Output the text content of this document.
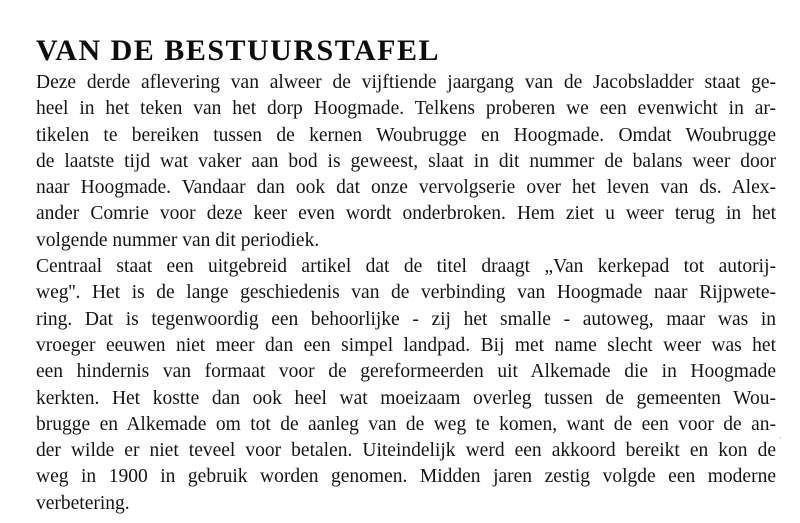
VAN DE BESTUURSTAFEL
Deze derde aflevering van alweer de vijftiende jaargang van de Jacobsladder staat ge-
heel in het teken van het dorp Hoogmade. Telkens proberen we een evenwicht in ar-
tikelen te bereiken tussen de kernen Woubrugge en Hoogmade. Omdat Woubrugge
de laatste tijd wat vaker aan bod is geweest, slaat in dit nummer de balans weer door
naar Hoogmade. Vandaar dan ook dat onze vervolgserie over het leven van ds. Alex-
ander Comrie voor deze keer even wordt onderbroken. Hem ziet u weer terug in het
volgende nummer van dit periodiek.
Centraal staat een uitgebreid artikel dat de titel draagt „Van kerkepad tot autorij-
weg''. Het is de lange geschiedenis van de verbinding van Hoogmade naar Rijpwete-
ring. Dat is tegenwoordig een behoorlijke - zij het smalle - autoweg, maar was in
vroeger eeuwen niet meer dan een simpel landpad. Bij met name slecht weer was het
een hindernis van formaat voor de gereformeerden uit Alkemade die in Hoogmade
kerkten. Het kostte dan ook heel wat moeizaam overleg tussen de gemeenten Wou-
brugge en Alkemade om tot de aanleg van de weg te komen, want de een voor de an-
der wilde er niet teveel voor betalen. Uiteindelijk werd een akkoord bereikt en kon de
weg in 1900 in gebruik worden genomen. Midden jaren zestig volgde een moderne
verbetering.
·
